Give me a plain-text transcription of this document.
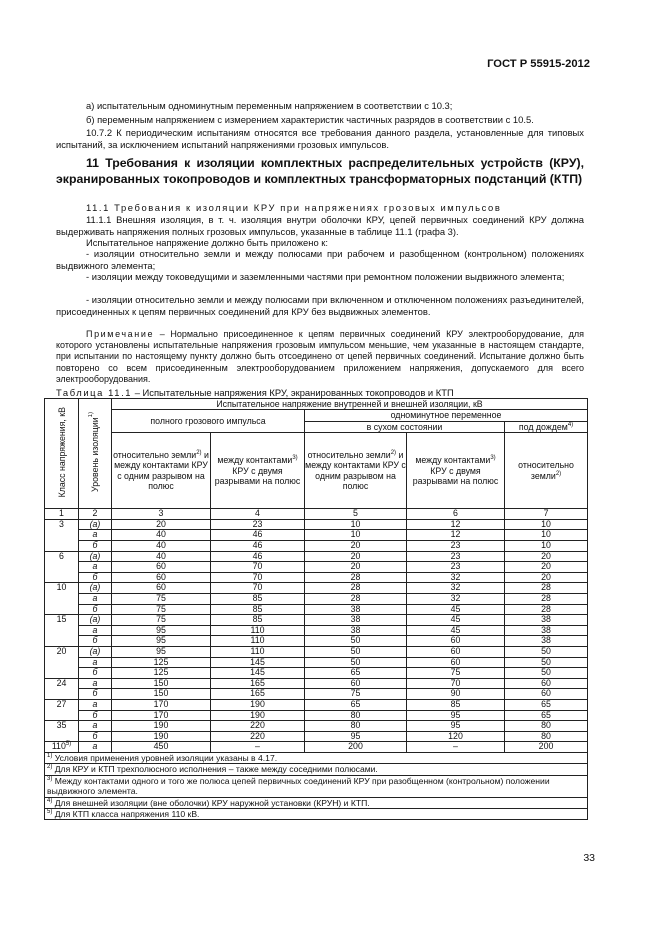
ГОСТ Р 55915-2012
а) испытательным одноминутным переменным напряжением в соответствии с 10.3;
б) переменным напряжением с измерением характеристик частичных разрядов в соответствии с 10.5.
10.7.2 К периодическим испытаниям относятся все требования данного раздела, установленные для типовых испытаний, за исключением испытаний напряжениями грозовых импульсов.
11 Требования к изоляции комплектных распределительных устройств (КРУ), экранированных токопроводов и комплектных трансформаторных подстанций (КТП)
11.1 Требования к изоляции КРУ при напряжениях грозовых импульсов
11.1.1 Внешняя изоляция, в т. ч. изоляция внутри оболочки КРУ, цепей первичных соединений КРУ должна выдерживать напряжения полных грозовых импульсов, указанные в таблице 11.1 (графа 3).
Испытательное напряжение должно быть приложено к:
- изоляции относительно земли и между полюсами при рабочем и разобщенном (контрольном) положениях выдвижного элемента;
- изоляции между токоведущими и заземленными частями при ремонтном положении выдвижного элемента;
- изоляции относительно земли и между полюсами при включенном и отключенном положениях разъединителей, присоединенных к цепям первичных соединений для КРУ без выдвижных элементов.
Примечание – Нормально присоединенное к цепям первичных соединений КРУ электрооборудование, для которого установлены испытательные напряжения грозовым импульсом меньшие, чем указанные в настоящем стандарте, при испытании по настоящему пункту должно быть отсоединено от цепей первичных соединений. Испытание должно быть повторено со всем присоединенным электрооборудованием приложением напряжения, допускаемого для всего электрооборудования.
Таблица 11.1 – Испытательные напряжения КРУ, экранированных токопроводов и КТП
Класс напряжения, кВ	Уровень изоляции$^{1)}$	Испытательное напряжение внутренней и внешней изоляции, кВ				
		полного грозового импульса		одноминутное переменное		
				в сухом состоянии		под дождем$^{4)}$
		относительно земли$^{2)}$ и между контактами КРУ с одним разрывом на полюс	между контактами$^{3)}$ КРУ с двумя разрывами на полюс	относительно земли$^{2)}$ и между контактами КРУ с одним разрывом на полюс	между контактами$^{3)}$ КРУ с двумя разрывами на полюс	относительно земли$^{2)}$
1	2	3	4	5	6	7
3	(а)	20	23	10	12	10
	а	40	46	10	12	10
	б	40	46	20	23	10
6	(а)	40	46	20	23	20
	а	60	70	20	23	20
	б	60	70	28	32	20
10	(а)	60	70	28	32	28
	а	75	85	28	32	28
	б	75	85	38	45	28
15	(а)	75	85	38	45	38
	а	95	110	38	45	38
	б	95	110	50	60	38
20	(а)	95	110	50	60	50
	а	125	145	50	60	50
	б	125	145	65	75	50
24	а	150	165	60	70	60
	б	150	165	75	90	60
27	а	170	190	65	85	65
	б	170	190	80	95	65
35	а	190	220	80	95	80
	б	190	220	95	120	80
110$^{5)}$	а	450	–	200	–	200
$^{1)}$ Условия применения уровней изоляции указаны в 4.17.						
$^{2)}$ Для КРУ и КТП трехполюсного исполнения – также между соседними полюсами.						
$^{3)}$ Между контактами одного и того же полюса цепей первичных соединений КРУ при разобщенном (контрольном) положении выдвижного элемента.						
$^{4)}$ Для внешней изоляции (вне оболочки) КРУ наружной установки (КРУН) и КТП.						
$^{5)}$ Для КТП класса напряжения 110 кВ.						
33
